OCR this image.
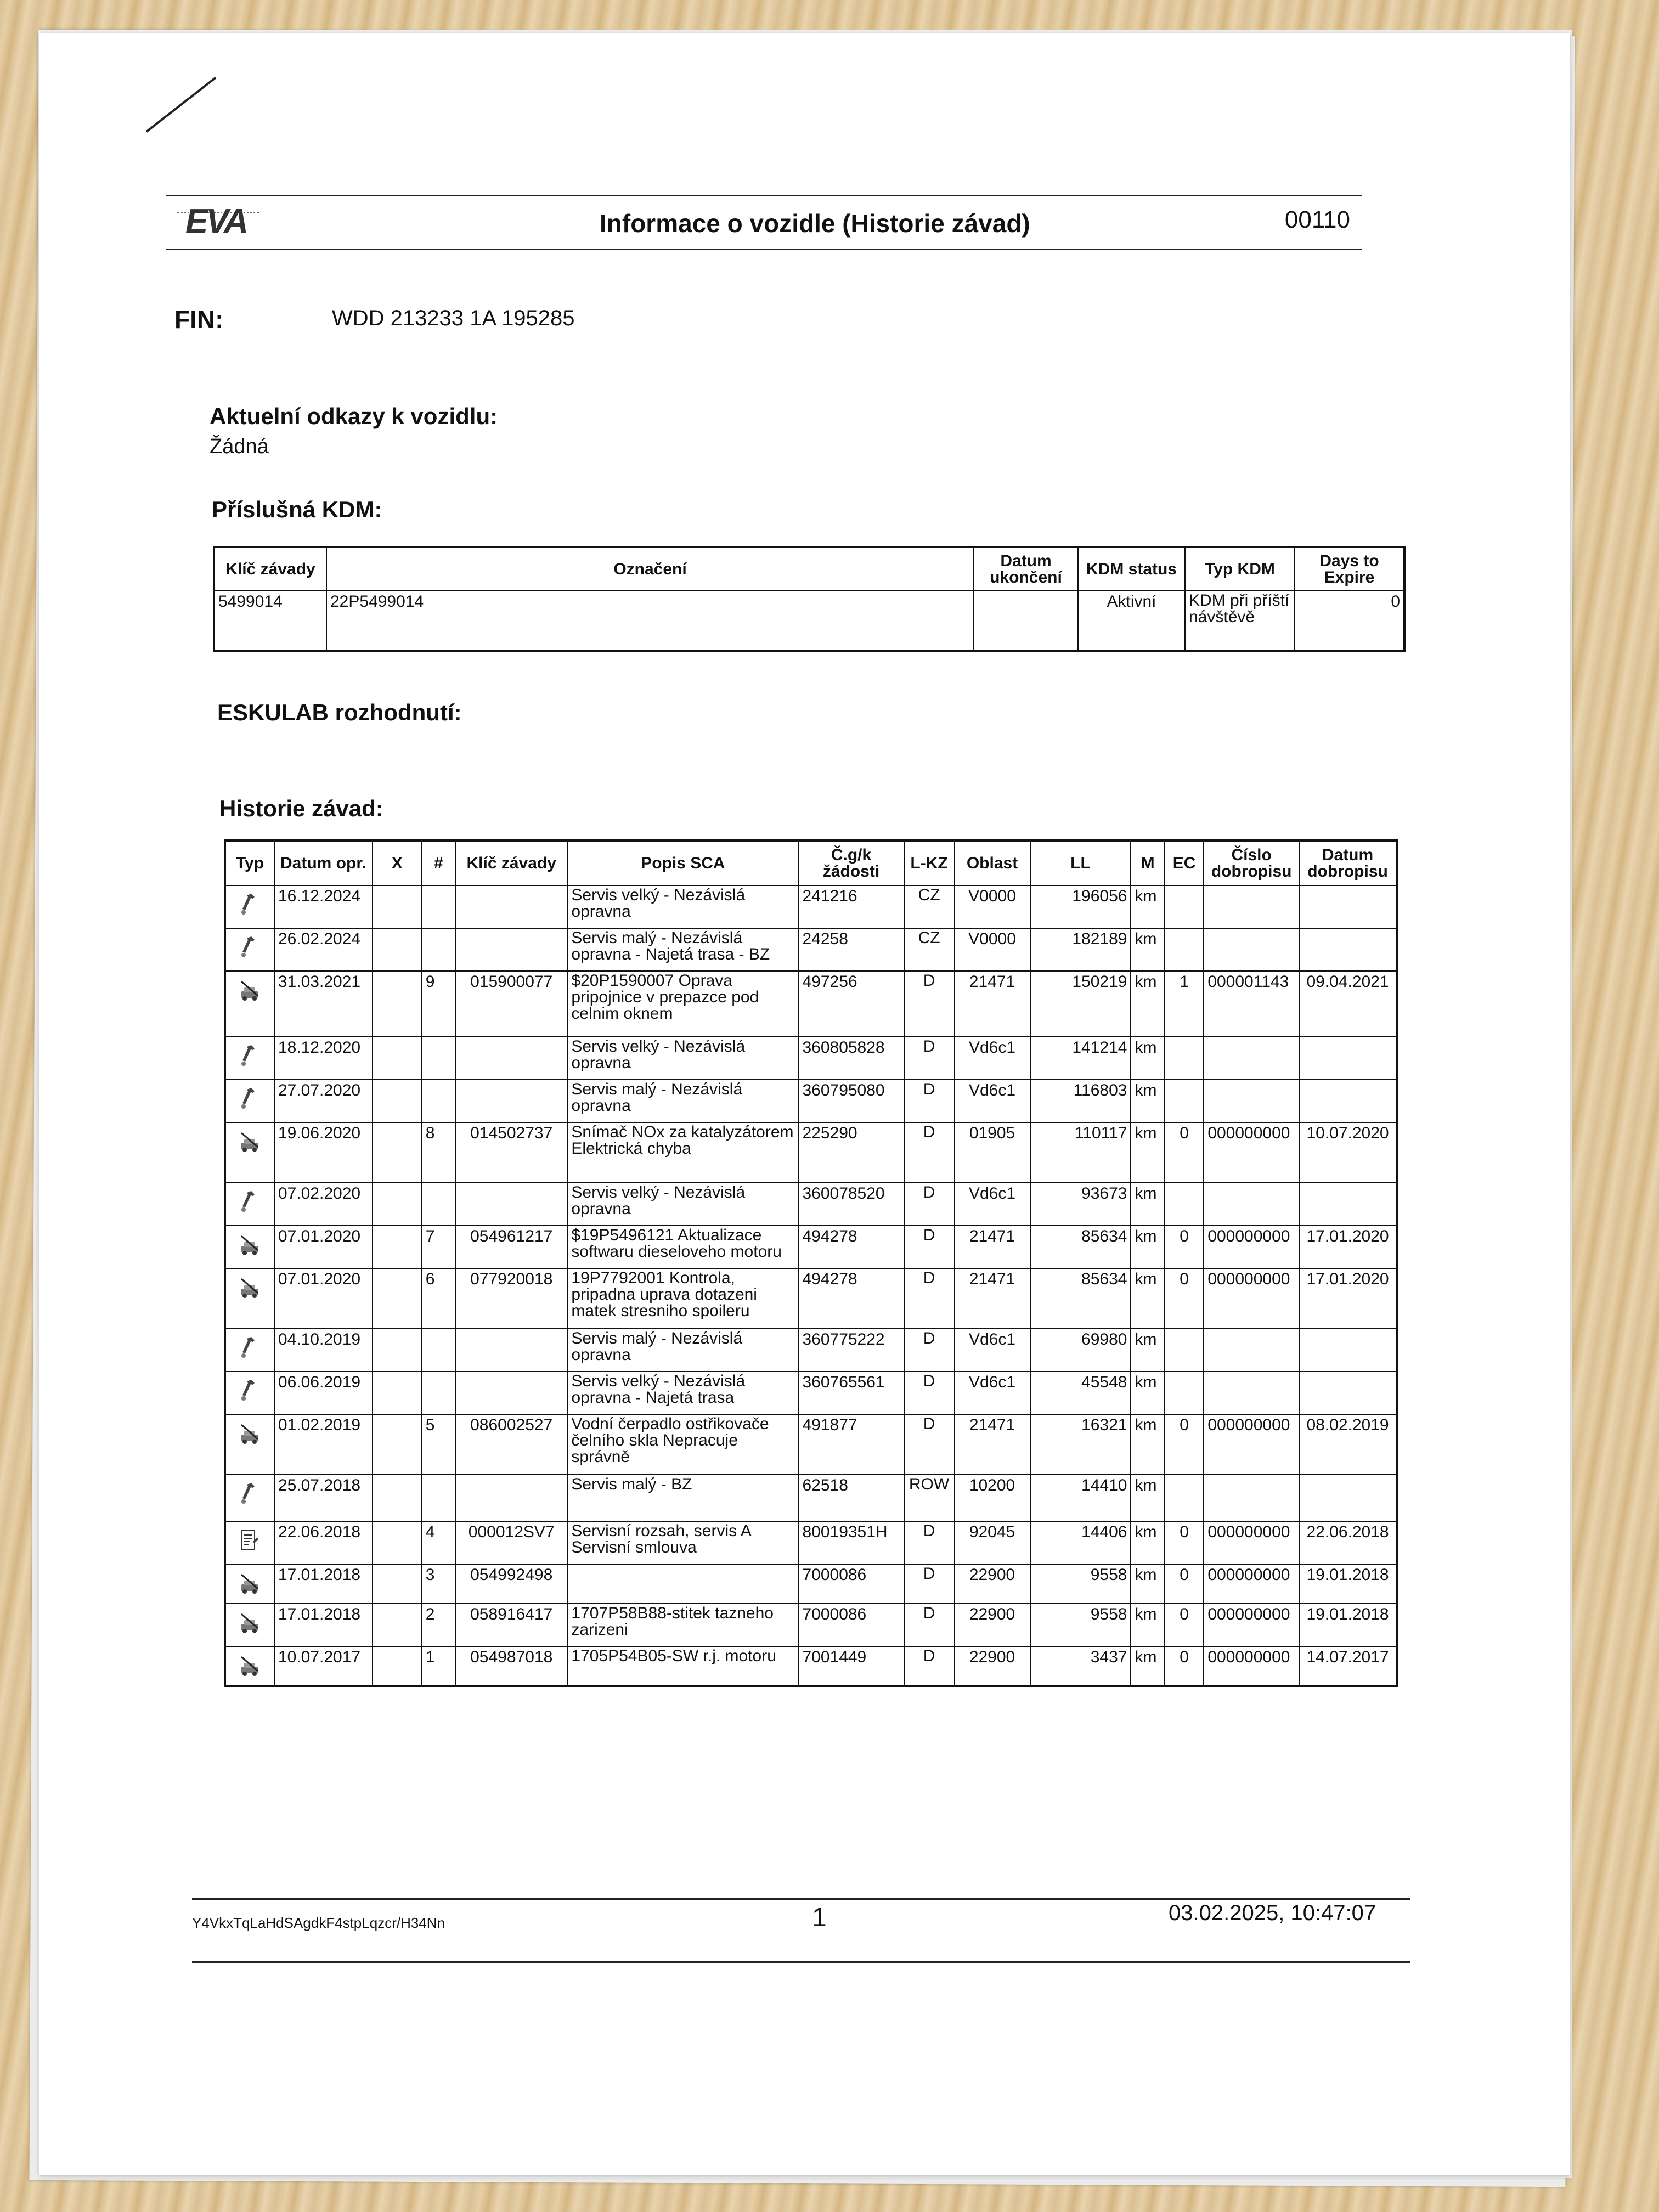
EVA	Informace o vozidle (Historie závad)	00110
FIN:	WDD 213233 1A 195285
Aktuelní odkazy k vozidlu:
Žádná
Příslušná KDM:
Klíč závady	Označení	Datum ukončení	KDM status	Typ KDM	Days to Expire
5499014	22P5499014		Aktivní	KDM při příští návštěvě	0
ESKULAB rozhodnutí:
Historie závad:
Typ	Datum opr.	X	#	Klíč závady	Popis SCA	Č.g/k žádosti	L-KZ	Oblast	LL	M	EC	Číslo dobropisu	Datum dobropisu

	16.12.2024				Servis velký - Nezávislá opravna	241216	CZ	V0000	196056	km			

	26.02.2024				Servis malý - Nezávislá opravna - Najetá trasa - BZ	24258	CZ	V0000	182189	km			

	31.03.2021		9	015900077	$20P1590007 Oprava pripojnice v prepazce pod celnim oknem	497256	D	21471	150219	km	1	000001143	09.04.2021

	18.12.2020				Servis velký - Nezávislá opravna	360805828	D	Vd6c1	141214	km			

	27.07.2020				Servis malý - Nezávislá opravna	360795080	D	Vd6c1	116803	km			

	19.06.2020		8	014502737	Snímač NOx za katalyzátorem Elektrická chyba	225290	D	01905	110117	km	0	000000000	10.07.2020

	07.02.2020				Servis velký - Nezávislá opravna	360078520	D	Vd6c1	93673	km			

	07.01.2020		7	054961217	$19P5496121 Aktualizace softwaru dieseloveho motoru	494278	D	21471	85634	km	0	000000000	17.01.2020

	07.01.2020		6	077920018	19P7792001 Kontrola, pripadna uprava dotazeni matek stresniho spoileru	494278	D	21471	85634	km	0	000000000	17.01.2020

	04.10.2019				Servis malý - Nezávislá opravna	360775222	D	Vd6c1	69980	km			

	06.06.2019				Servis velký - Nezávislá opravna - Najetá trasa	360765561	D	Vd6c1	45548	km			

	01.02.2019		5	086002527	Vodní čerpadlo ostřikovače čelního skla Nepracuje správně	491877	D	21471	16321	km	0	000000000	08.02.2019

	25.07.2018				Servis malý - BZ	62518	ROW	10200	14410	km			

	22.06.2018		4	000012SV7	Servisní rozsah, servis A Servisní smlouva	80019351H	D	92045	14406	km	0	000000000	22.06.2018

	17.01.2018		3	054992498		7000086	D	22900	9558	km	0	000000000	19.01.2018

	17.01.2018		2	058916417	1707P58B88-stitek tazneho zarizeni	7000086	D	22900	9558	km	0	000000000	19.01.2018

	10.07.2017		1	054987018	1705P54B05-SW r.j. motoru	7001449	D	22900	3437	km	0	000000000	14.07.2017
Y4VkxTqLaHdSAgdkF4stpLqzcr/H34Nn	1	03.02.2025, 10:47:07
